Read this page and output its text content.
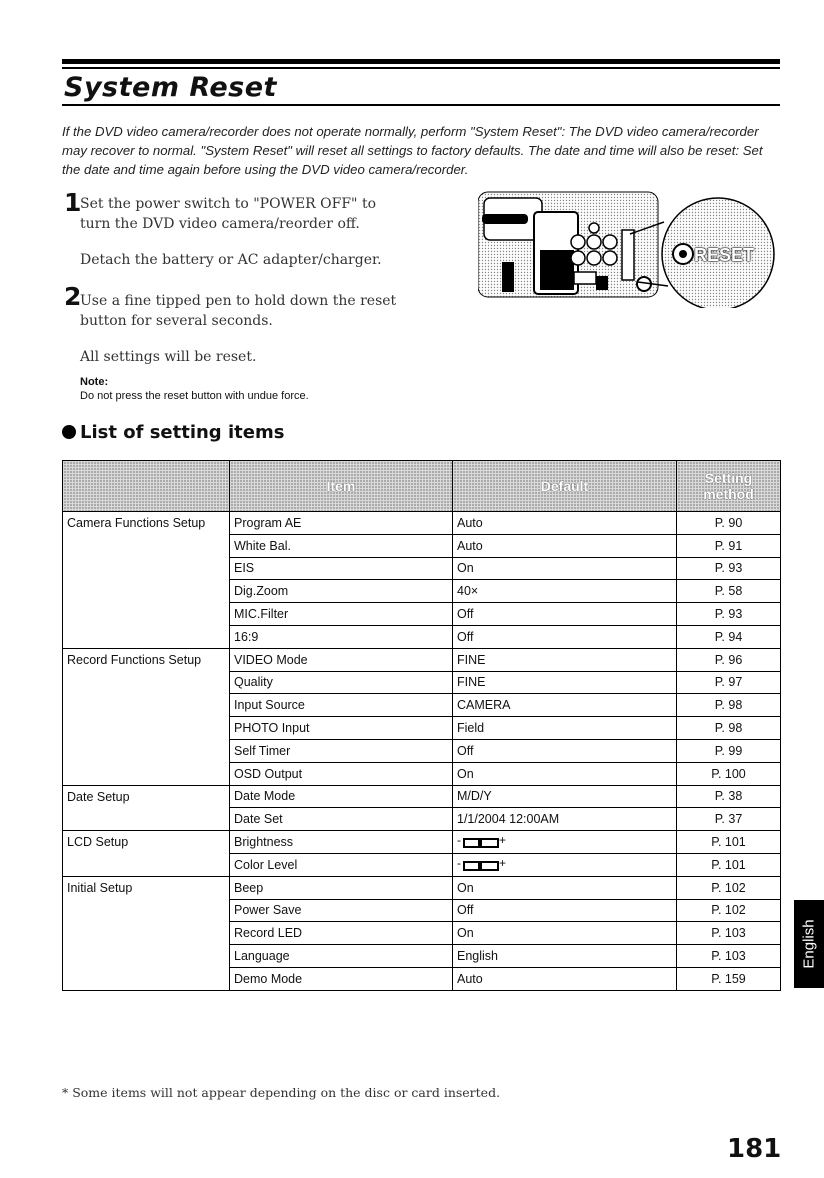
System Reset
If the DVD video camera/recorder does not operate normally, perform "System Reset": The DVD video camera/recorder may recover to normal. "System Reset" will reset all settings to factory defaults. The date and time will also be reset: Set the date and time again before using the DVD video camera/recorder.
1
Set the power switch to "POWER OFF" to turn the DVD video camera/reorder off.
Detach the battery or AC adapter/charger.
2
Use a fine tipped pen to hold down the reset button for several seconds.
All settings will be reset.
Note:
Do not press the reset button with undue force.
RESET
List of setting items
	Item	Default	Setting method
Camera Functions Setup	Program AE	Auto	P. 90
	White Bal.	Auto	P. 91
	EIS	On	P. 93
	Dig.Zoom	40×	P. 58
	MIC.Filter	Off	P. 93
	16:9	Off	P. 94
Record Functions Setup	VIDEO Mode	FINE	P. 96
	Quality	FINE	P. 97
	Input Source	CAMERA	P. 98
	PHOTO Input	Field	P. 98
	Self Timer	Off	P. 99
	OSD Output	On	P. 100
Date Setup	Date Mode	M/D/Y	P. 38
	Date Set	1/1/2004 12:00AM	P. 37
LCD Setup	Brightness	- +	P. 101
	Color Level	- +	P. 101
Initial Setup	Beep	On	P. 102
	Power Save	Off	P. 102
	Record LED	On	P. 103
	Language	English	P. 103
	Demo Mode	Auto	P. 159
* Some items will not appear depending on the disc or card inserted.
181
English
